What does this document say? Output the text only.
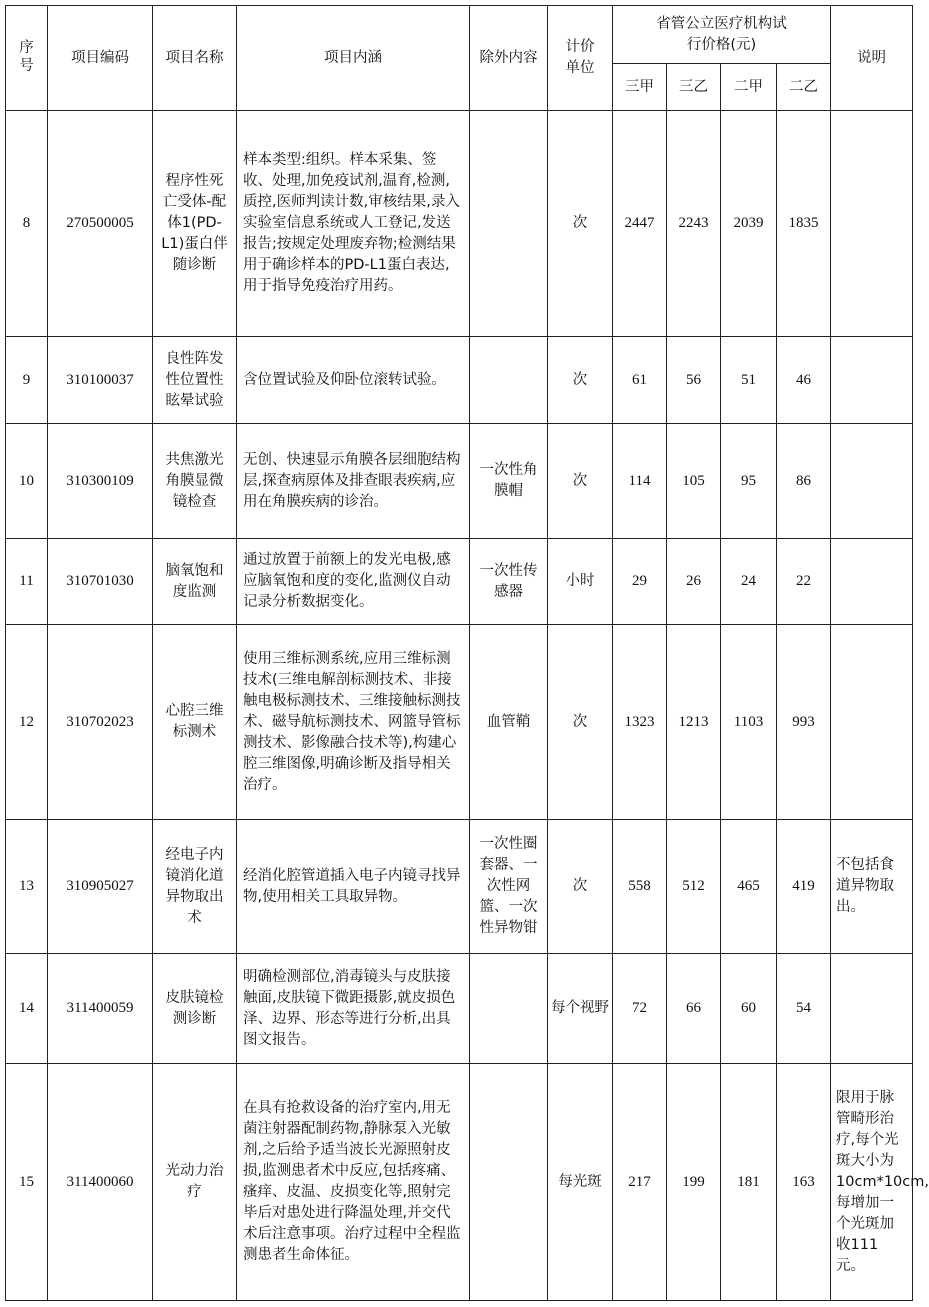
序号	项目编码	项目名称	项目内涵	除外内容	计价单位	省管公立医疗机构试行价格(元)				说明
						三甲	三乙	二甲	二乙	
8	270500005	程序性死亡受体-配体1(PD-L1)蛋白伴随诊断	样本类型:组织。样本采集、签收、处理,加免疫试剂,温育,检测,质控,医师判读计数,审核结果,录入实验室信息系统或人工登记,发送报告;按规定处理废弃物;检测结果用于确诊样本的PD-L1蛋白表达,用于指导免疫治疗用药。		次	2447	2243	2039	1835	
9	310100037	良性阵发性位置性眩晕试验	含位置试验及仰卧位滚转试验。		次	61	56	51	46	
10	310300109	共焦激光角膜显微镜检查	无创、快速显示角膜各层细胞结构层,探查病原体及排查眼表疾病,应用在角膜疾病的诊治。	一次性角膜帽	次	114	105	95	86	
11	310701030	脑氧饱和度监测	通过放置于前额上的发光电极,感应脑氧饱和度的变化,监测仪自动记录分析数据变化。	一次性传感器	小时	29	26	24	22	
12	310702023	心腔三维标测术	使用三维标测系统,应用三维标测技术(三维电解剖标测技术、非接触电极标测技术、三维接触标测技术、磁导航标测技术、网篮导管标测技术、影像融合技术等),构建心腔三维图像,明确诊断及指导相关治疗。	血管鞘	次	1323	1213	1103	993	
13	310905027	经电子内镜消化道异物取出术	经消化腔管道插入电子内镜寻找异物,使用相关工具取异物。	一次性圈套器、一次性网篮、一次性异物钳	次	558	512	465	419	不包括食道异物取出。
14	311400059	皮肤镜检测诊断	明确检测部位,消毒镜头与皮肤接触面,皮肤镜下微距摄影,就皮损色泽、边界、形态等进行分析,出具图文报告。		每个视野	72	66	60	54	
15	311400060	光动力治疗	在具有抢救设备的治疗室内,用无菌注射器配制药物,静脉泵入光敏剂,之后给予适当波长光源照射皮损,监测患者术中反应,包括疼痛、瘙痒、皮温、皮损变化等,照射完毕后对患处进行降温处理,并交代术后注意事项。治疗过程中全程监测患者生命体征。		每光斑	217	199	181	163	限用于脉管畸形治疗,每个光斑大小为 10cm*10cm,每增加一个光斑加收111元。
